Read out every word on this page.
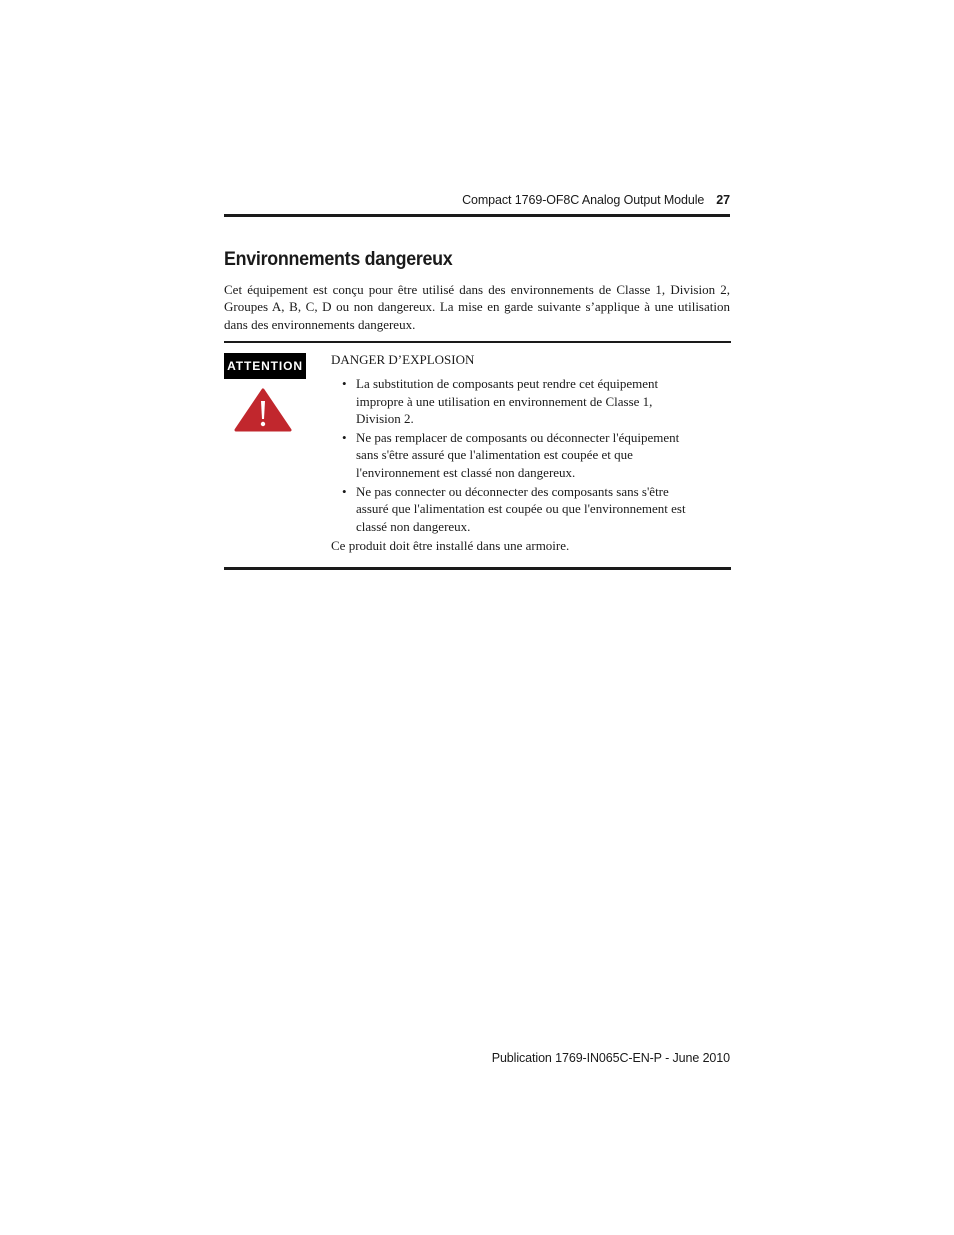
Compact 1769-OF8C Analog Output Module 27
Environnements dangereux

Cet équipement est conçu pour être utilisé dans des environnements de Classe 1, Division 2, Groupes A, B, C, D ou non dangereux. La mise en garde suivante s’applique à une utilisation dans des environnements dangereux.

ATTENTION DANGER D’EXPLOSION

• La substitution de composants peut rendre cet équipement impropre à une utilisation en environnement de Classe 1, Division 2.
• Ne pas remplacer de composants ou déconnecter l'équipement sans s'être assuré que l'alimentation est coupée et que l'environnement est classé non dangereux.
• Ne pas connecter ou déconnecter des composants sans s'être assuré que l'alimentation est coupée ou que l'environnement est classé non dangereux.

Ce produit doit être installé dans une armoire.

Publication 1769-IN065C-EN-P - June 2010
